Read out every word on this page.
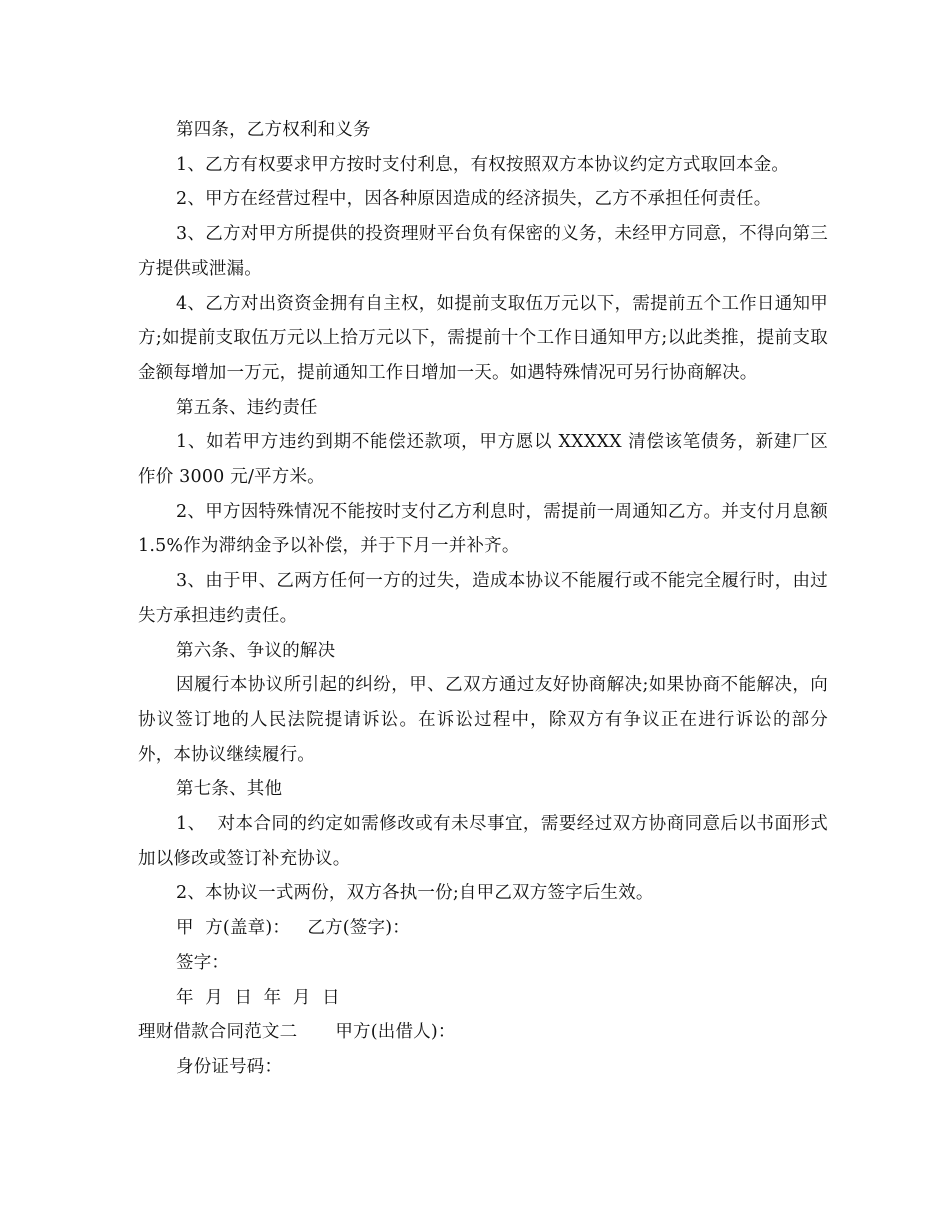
第四条，乙方权利和义务

1、乙方有权要求甲方按时支付利息，有权按照双方本协议约定方式取回本金。

2、甲方在经营过程中，因各种原因造成的经济损失，乙方不承担任何责任。

3、乙方对甲方所提供的投资理财平台负有保密的义务，未经甲方同意，不得向第三方提供或泄漏。

4、乙方对出资资金拥有自主权，如提前支取伍万元以下，需提前五个工作日通知甲方;如提前支取伍万元以上拾万元以下，需提前十个工作日通知甲方;以此类推，提前支取金额每增加一万元，提前通知工作日增加一天。如遇特殊情况可另行协商解决。

第五条、违约责任

1、如若甲方违约到期不能偿还款项，甲方愿以 XXXXX 清偿该笔债务，新建厂区作价 3000 元/平方米。

2、甲方因特殊情况不能按时支付乙方利息时，需提前一周通知乙方。并支付月息额 1.5%作为滞纳金予以补偿，并于下月一并补齐。

3、由于甲、乙两方任何一方的过失，造成本协议不能履行或不能完全履行时，由过失方承担违约责任。

第六条、争议的解决

因履行本协议所引起的纠纷，甲、乙双方通过友好协商解决;如果协商不能解决，向协议签订地的人民法院提请诉讼。在诉讼过程中，除双方有争议正在进行诉讼的部分外，本协议继续履行。

第七条、其他

1、  对本合同的约定如需修改或有未尽事宜，需要经过双方协商同意后以书面形式加以修改或签订补充协议。

2、本协议一式两份，双方各执一份;自甲乙双方签字后生效。

甲  方(盖章)：   乙方(签字)：

签字：

年  月  日  年  月  日

理财借款合同范文二 甲方(出借人)：

身份证号码：
